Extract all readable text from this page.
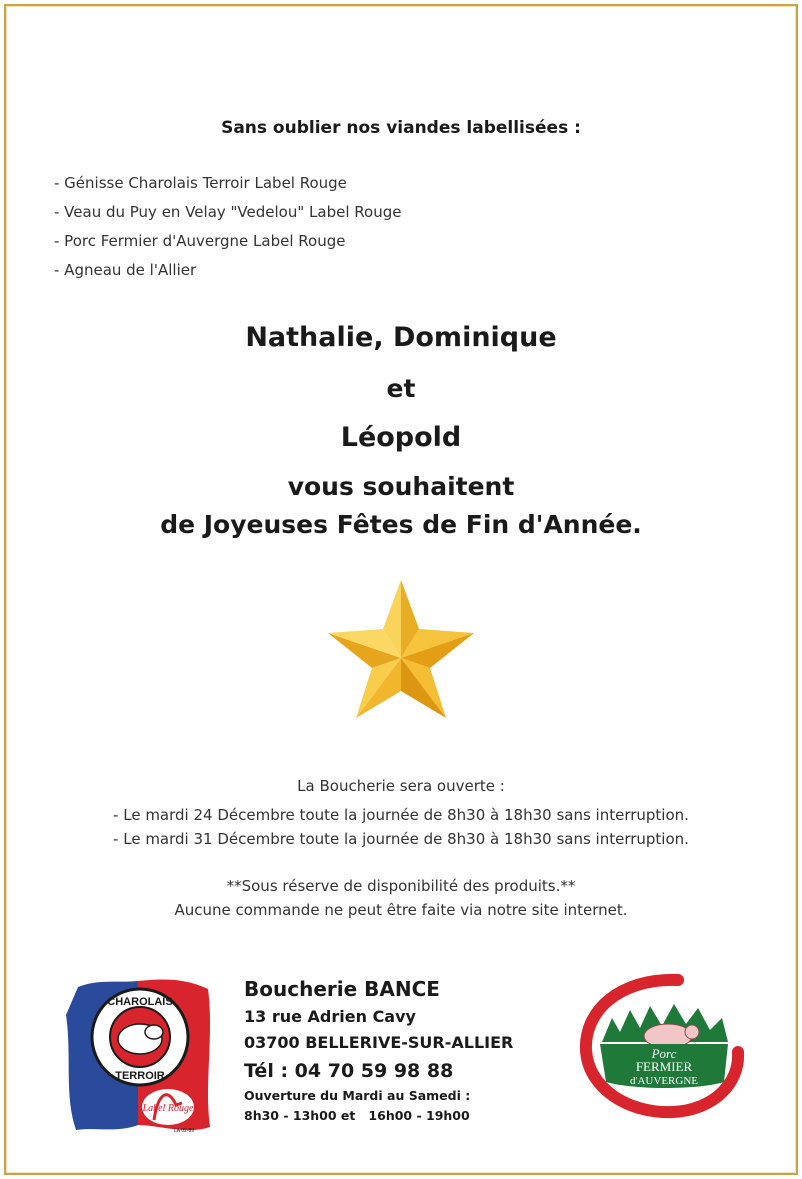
Sans oublier nos viandes labellisées :
- Génisse Charolais Terroir Label Rouge
- Veau du Puy en Velay "Vedelou" Label Rouge
- Porc Fermier d'Auvergne Label Rouge
- Agneau de l'Allier
Nathalie, Dominique
et
Léopold
vous souhaitent
de Joyeuses Fêtes de Fin d'Année.
La Boucherie sera ouverte :
- Le mardi 24 Décembre toute la journée de 8h30 à 18h30 sans interruption.
- Le mardi 31 Décembre toute la journée de 8h30 à 18h30 sans interruption.
**Sous réserve de disponibilité des produits.**
Aucune commande ne peut être faite via notre site internet.
CHAROLAIS
TERROIR
Label Rouge
LA 02-89
Boucherie BANCE
13 rue Adrien Cavy
03700 BELLERIVE-SUR-ALLIER
Tél : 04 70 59 98 88
Ouverture du Mardi au Samedi :
8h30 - 13h00 et   16h00 - 19h00
Porc
FERMIER
d'AUVERGNE
